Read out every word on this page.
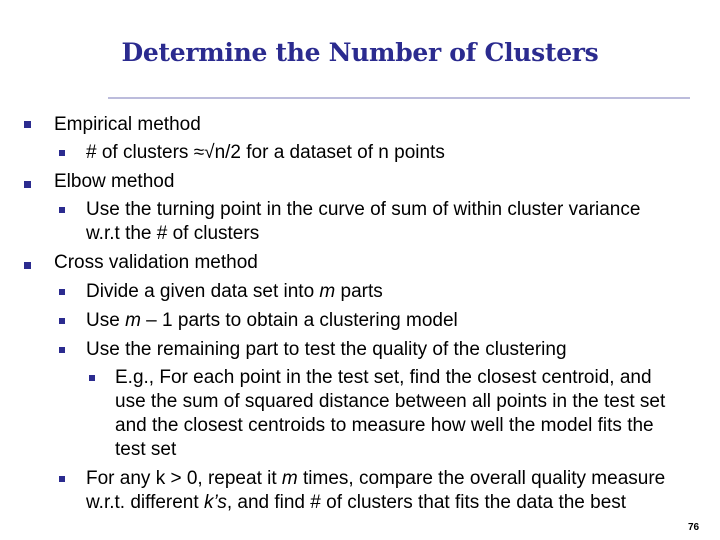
Determine the Number of Clusters
Empirical method
# of clusters ≈√n/2 for a dataset of n points
Elbow method
Use the turning point in the curve of sum of within cluster variance
w.r.t the # of clusters
Cross validation method
Divide a given data set into m parts
Use m – 1 parts to obtain a clustering model
Use the remaining part to test the quality of the clustering
E.g., For each point in the test set, find the closest centroid, and
use the sum of squared distance between all points in the test set
and the closest centroids to measure how well the model fits the
test set
For any k > 0, repeat it m times, compare the overall quality measure
w.r.t. different k’s, and find # of clusters that fits the data the best
76
